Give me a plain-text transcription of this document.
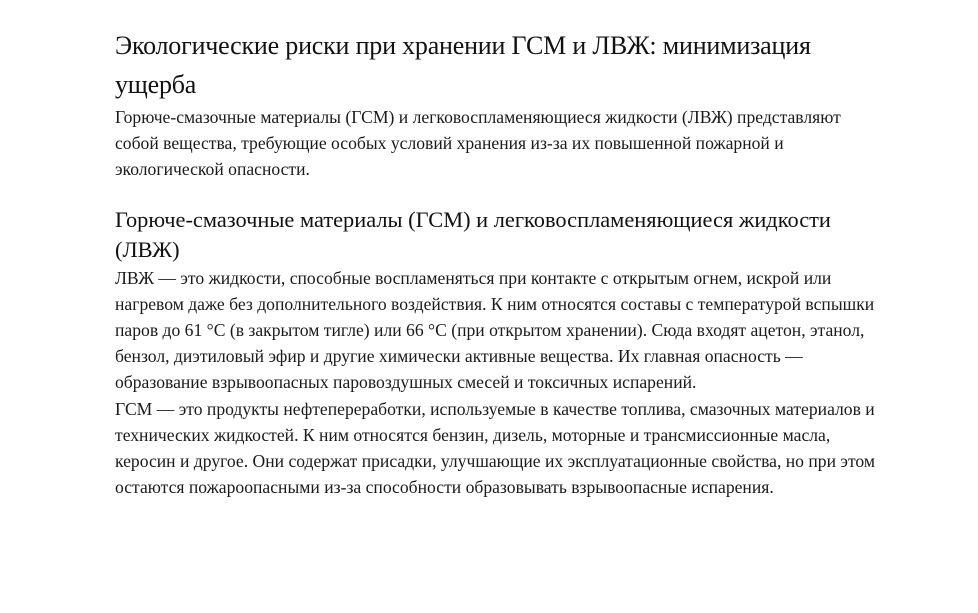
Экологические риски при хранении ГСМ и ЛВЖ: минимизация ущерба

Горюче-смазочные материалы (ГСМ) и легковоспламеняющиеся жидкости (ЛВЖ) представляют собой вещества, требующие особых условий хранения из-за их повышенной пожарной и экологической опасности.

Горюче-смазочные материалы (ГСМ) и легковоспламеняющиеся жидкости (ЛВЖ)

ЛВЖ — это жидкости, способные воспламеняться при контакте с открытым огнем, искрой или нагревом даже без дополнительного воздействия. К ним относятся составы с температурой вспышки паров до 61 °C (в закрытом тигле) или 66 °C (при открытом хранении). Сюда входят ацетон, этанол, бензол, диэтиловый эфир и другие химически активные вещества. Их главная опасность — образование взрывоопасных паровоздушных смесей и токсичных испарений.

ГСМ — это продукты нефтепереработки, используемые в качестве топлива, смазочных материалов и технических жидкостей. К ним относятся бензин, дизель, моторные и трансмиссионные масла, керосин и другое. Они содержат присадки, улучшающие их эксплуатационные свойства, но при этом остаются пожароопасными из-за способности образовывать взрывоопасные испарения.
